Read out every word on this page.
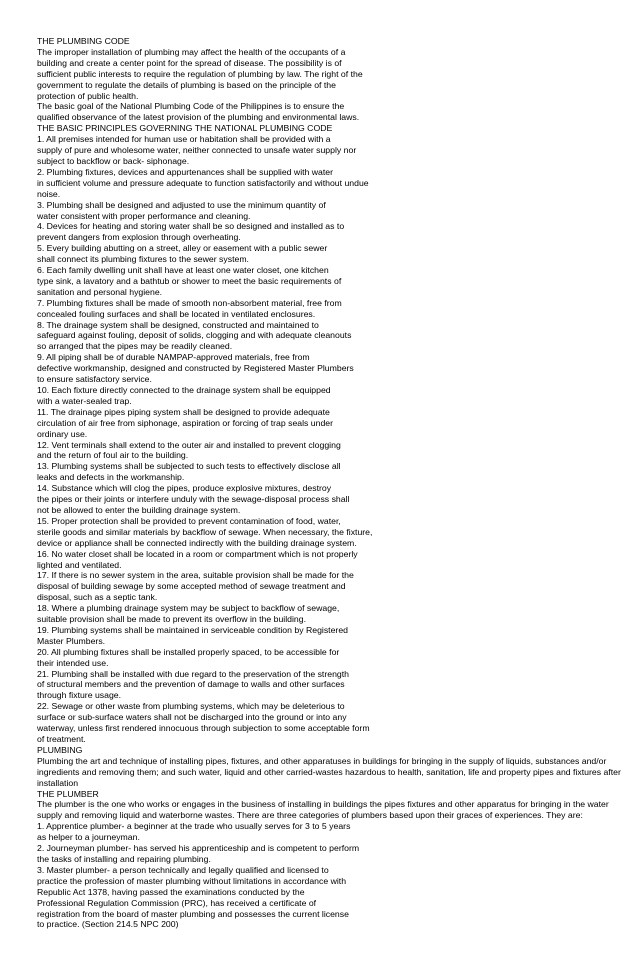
THE PLUMBING CODE
The improper installation of plumbing may affect the health of the occupants of a
building and create a center point for the spread of disease. The possibility is of
sufficient public interests to require the regulation of plumbing by law. The right of the
government to regulate the details of plumbing is based on the principle of the
protection of public health.
The basic goal of the National Plumbing Code of the Philippines is to ensure the
qualified observance of the latest provision of the plumbing and environmental laws.
THE BASIC PRINCIPLES GOVERNING THE NATIONAL PLUMBING CODE
1. All premises intended for human use or habitation shall be provided with a
supply of pure and wholesome water, neither connected to unsafe water supply nor
subject to backflow or back- siphonage.
2. Plumbing fixtures, devices and appurtenances shall be supplied with water
in sufficient volume and pressure adequate to function satisfactorily and without undue
noise.
3. Plumbing shall be designed and adjusted to use the minimum quantity of
water consistent with proper performance and cleaning.
4. Devices for heating and storing water shall be so designed and installed as to
prevent dangers from explosion through overheating.
5. Every building abutting on a street, alley or easement with a public sewer
shall connect its plumbing fixtures to the sewer system.
6. Each family dwelling unit shall have at least one water closet, one kitchen
type sink, a lavatory and a bathtub or shower to meet the basic requirements of
sanitation and personal hygiene.
7. Plumbing fixtures shall be made of smooth non-absorbent material, free from
concealed fouling surfaces and shall be located in ventilated enclosures.
8. The drainage system shall be designed, constructed and maintained to
safeguard against fouling, deposit of solids, clogging and with adequate cleanouts
so arranged that the pipes may be readily cleaned.
9. All piping shall be of durable NAMPAP-approved materials, free from
defective workmanship, designed and constructed by Registered Master Plumbers
to ensure satisfactory service.
10. Each fixture directly connected to the drainage system shall be equipped
with a water-sealed trap.
11. The drainage pipes piping system shall be designed to provide adequate
circulation of air free from siphonage, aspiration or forcing of trap seals under
ordinary use.
12. Vent terminals shall extend to the outer air and installed to prevent clogging
and the return of foul air to the building.
13. Plumbing systems shall be subjected to such tests to effectively disclose all
leaks and defects in the workmanship.
14. Substance which will clog the pipes, produce explosive mixtures, destroy
the pipes or their joints or interfere unduly with the sewage-disposal process shall
not be allowed to enter the building drainage system.
15. Proper protection shall be provided to prevent contamination of food, water,
sterile goods and similar materials by backflow of sewage. When necessary, the fixture,
device or appliance shall be connected indirectly with the building drainage system.
16. No water closet shall be located in a room or compartment which is not properly
lighted and ventilated.
17. If there is no sewer system in the area, suitable provision shall be made for the
disposal of building sewage by some accepted method of sewage treatment and
disposal, such as a septic tank.
18. Where a plumbing drainage system may be subject to backflow of sewage,
suitable provision shall be made to prevent its overflow in the building.
19. Plumbing systems shall be maintained in serviceable condition by Registered
Master Plumbers.
20. All plumbing fixtures shall be installed properly spaced, to be accessible for
their intended use.
21. Plumbing shall be installed with due regard to the preservation of the strength
of structural members and the prevention of damage to walls and other surfaces
through fixture usage.
22. Sewage or other waste from plumbing systems, which may be deleterious to
surface or sub-surface waters shall not be discharged into the ground or into any
waterway, unless first rendered innocuous through subjection to some acceptable form
of treatment.
PLUMBING
Plumbing the art and technique of installing pipes, fixtures, and other apparatuses in buildings for bringing in the supply of liquids, substances and/or ingredients and removing them; and such water, liquid and other carried-wastes hazardous to health, sanitation, life and property pipes and fixtures after installation
THE PLUMBER
The plumber is the one who works or engages in the business of installing in buildings the pipes fixtures and other apparatus for bringing in the water supply and removing liquid and waterborne wastes. There are three categories of plumbers based upon their graces of experiences. They are:
1. Apprentice plumber- a beginner at the trade who usually serves for 3 to 5 years
as helper to a journeyman.
2. Journeyman plumber- has served his apprenticeship and is competent to perform
the tasks of installing and repairing plumbing.
3. Master plumber- a person technically and legally qualified and licensed to
practice the profession of master plumbing without limitations in accordance with
Republic Act 1378, having passed the examinations conducted by the
Professional Regulation Commission (PRC), has received a certificate of
registration from the board of master plumbing and possesses the current license
to practice. (Section 214.5 NPC 200)
